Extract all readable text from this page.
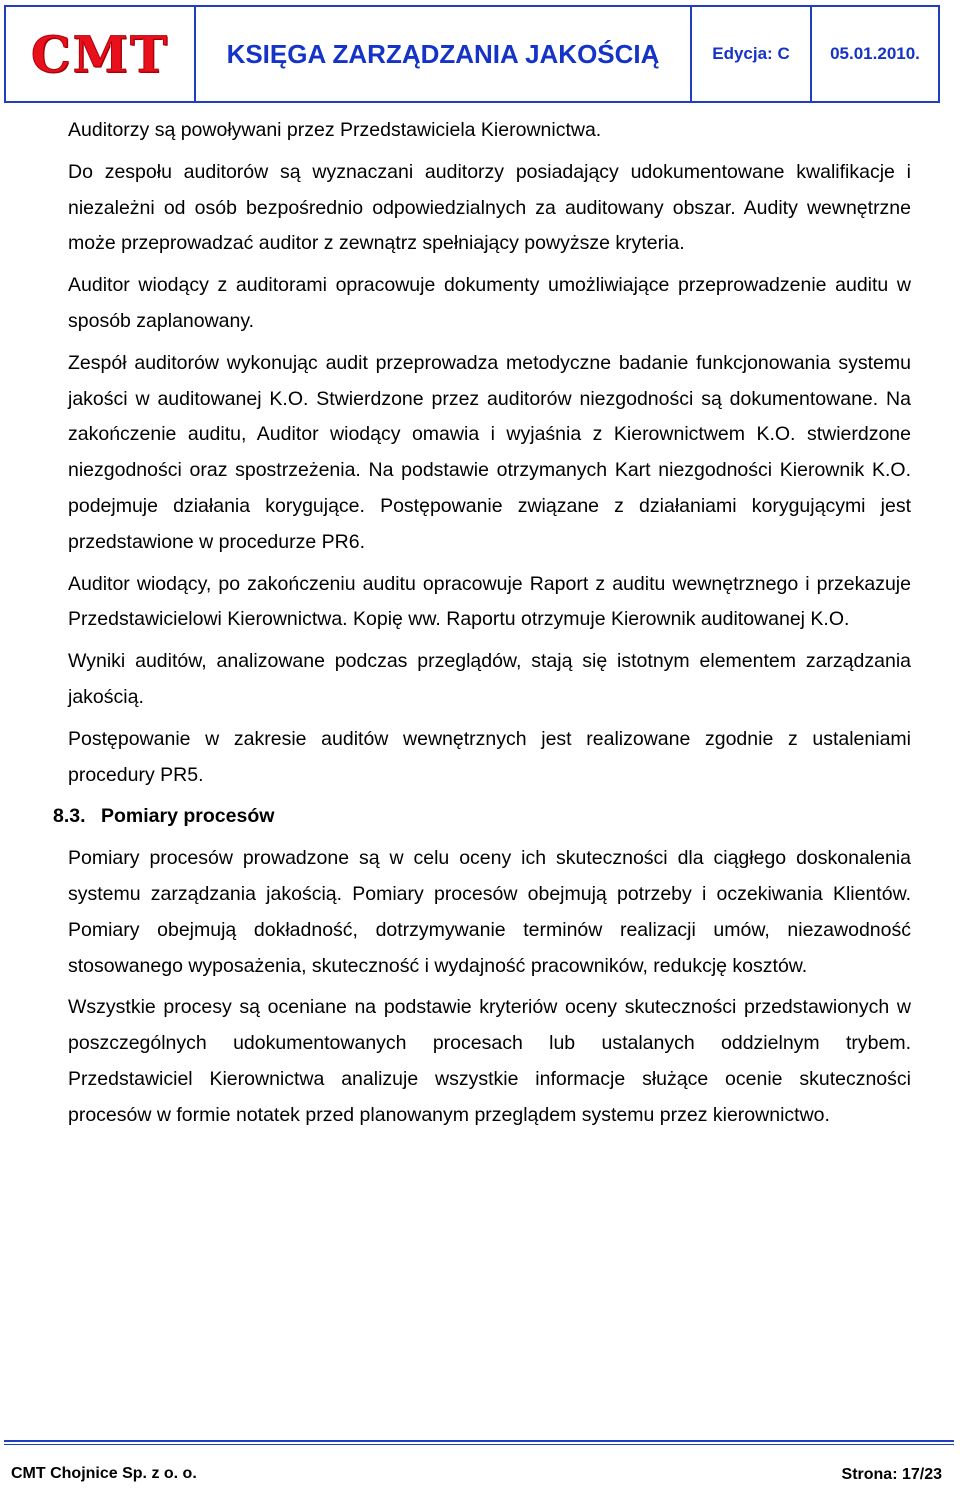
CMT KSIĘGA ZARZĄDZANIA JAKOŚCIĄ	Edycja: C 05.01.2010.

Auditorzy są powoływani przez Przedstawiciela Kierownictwa.

Do zespołu auditorów są wyznaczani auditorzy posiadający udokumentowane kwalifikacje i niezależni od osób bezpośrednio odpowiedzialnych za auditowany obszar. Audity wewnętrzne może przeprowadzać auditor z zewnątrz spełniający powyższe kryteria.

Auditor wiodący z auditorami opracowuje dokumenty umożliwiające przeprowadzenie auditu w sposób zaplanowany.

Zespół auditorów wykonując audit przeprowadza metodyczne badanie funkcjonowania systemu jakości w auditowanej K.O. Stwierdzone przez auditorów niezgodności są dokumentowane. Na zakończenie auditu, Auditor wiodący omawia i wyjaśnia z Kierownictwem K.O. stwierdzone niezgodności oraz spostrzeżenia. Na podstawie otrzymanych Kart niezgodności Kierownik K.O. podejmuje działania korygujące. Postępowanie związane z działaniami korygującymi jest przedstawione w procedurze PR6.

Auditor wiodący, po zakończeniu auditu opracowuje Raport z auditu wewnętrznego i przekazuje Przedstawicielowi Kierownictwa. Kopię ww. Raportu otrzymuje Kierownik auditowanej K.O.

Wyniki auditów, analizowane podczas przeglądów, stają się istotnym elementem zarządzania jakością.

Postępowanie w zakresie auditów wewnętrznych jest realizowane zgodnie z ustaleniami procedury PR5.

8.3. Pomiary procesów

Pomiary procesów prowadzone są w celu oceny ich skuteczności dla ciągłego doskonalenia systemu zarządzania jakością. Pomiary procesów obejmują potrzeby i oczekiwania Klientów. Pomiary obejmują dokładność, dotrzymywanie terminów realizacji umów, niezawodność stosowanego wyposażenia, skuteczność i wydajność pracowników, redukcję kosztów.

Wszystkie procesy są oceniane na podstawie kryteriów oceny skuteczności przedstawionych w poszczególnych udokumentowanych procesach lub ustalanych oddzielnym trybem. Przedstawiciel Kierownictwa analizuje wszystkie informacje służące ocenie skuteczności procesów w formie notatek przed planowanym przeglądem systemu przez kierownictwo.

CMT Chojnice Sp. z o. o.	Strona: 17/23
